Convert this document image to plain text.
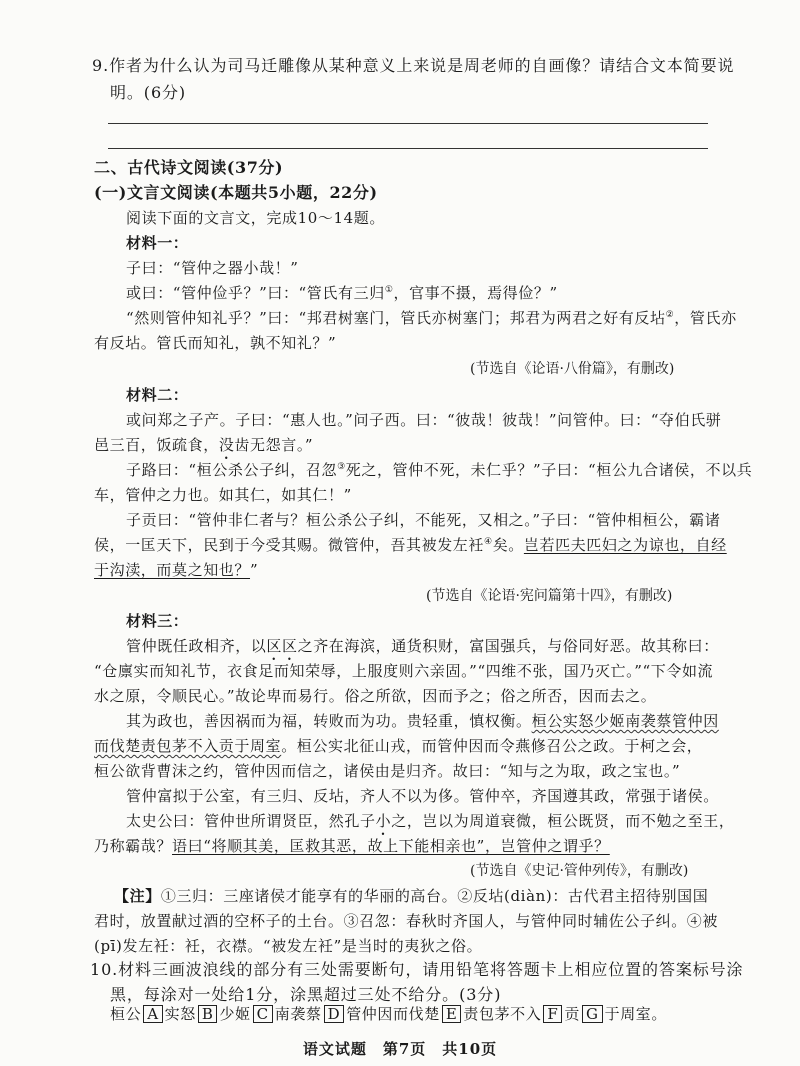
9.作者为什么认为司马迁雕像从某种意义上来说是周老师的自画像？请结合文本简要说
明。(6分)
二、古代诗文阅读(37分)
(一)文言文阅读(本题共5小题，22分)
阅读下面的文言文，完成10～14题。
材料一：
子曰：“管仲之器小哉！”
或曰：“管仲俭乎？”曰：“管氏有三归①，官事不摄，焉得俭？”
“然则管仲知礼乎？”曰：“邦君树塞门，管氏亦树塞门；邦君为两君之好有反坫②，管氏亦
有反坫。管氏而知礼，孰不知礼？”
(节选自《论语·八佾篇》，有删改)
材料二：
或问郑之子产。子曰：“惠人也。”问子西。曰：“彼哉！彼哉！”问管仲。曰：“夺伯氏骈
邑三百，饭疏食，没齿无怨言。”
子路曰：“桓公杀公子纠，召忽③死之，管仲不死，未仁乎？”子曰：“桓公九合诸侯，不以兵
车，管仲之力也。如其仁，如其仁！”
子贡曰：“管仲非仁者与？桓公杀公子纠，不能死，又相之。”子曰：“管仲相桓公，霸诸
侯，一匡天下，民到于今受其赐。微管仲，吾其被发左衽④矣。岂若匹夫匹妇之为谅也，自经
于沟渎，而莫之知也？”
(节选自《论语·宪问篇第十四》，有删改)
材料三：
管仲既任政相齐，以区区之齐在海滨，通货积财，富国强兵，与俗同好恶。故其称曰：
“仓廪实而知礼节，衣食足而知荣辱，上服度则六亲固。”“四维不张，国乃灭亡。”“下令如流
水之原，令顺民心。”故论卑而易行。俗之所欲，因而予之；俗之所否，因而去之。
其为政也，善因祸而为福，转败而为功。贵轻重，慎权衡。桓公实怒少姬南袭蔡管仲因
而伐楚责包茅不入贡于周室。桓公实北征山戎，而管仲因而令燕修召公之政。于柯之会，
桓公欲背曹沫之约，管仲因而信之，诸侯由是归齐。故曰：“知与之为取，政之宝也。”
管仲富拟于公室，有三归、反坫，齐人不以为侈。管仲卒，齐国遵其政，常强于诸侯。
太史公曰：管仲世所谓贤臣，然孔子小之，岂以为周道衰微，桓公既贤，而不勉之至王，
乃称霸哉？语曰“将顺其美，匡救其恶，故上下能相亲也”，岂管仲之谓乎？
(节选自《史记·管仲列传》，有删改)
【注】①三归：三座诸侯才能享有的华丽的高台。②反坫(diàn)：古代君主招待别国国
君时，放置献过酒的空杯子的土台。③召忽：春秋时齐国人，与管仲同时辅佐公子纠。④被
(pī)发左衽：衽，衣襟。“被发左衽”是当时的夷狄之俗。
10.材料三画波浪线的部分有三处需要断句，请用铅笔将答题卡上相应位置的答案标号涂
黑，每涂对一处给1分，涂黑超过三处不给分。(3分)
桓公 A 实怒 B 少姬 C 南袭蔡 D 管仲因而伐楚 E 责包茅不入 F 贡 G 于周室。
语文试题　第7页　共10页
